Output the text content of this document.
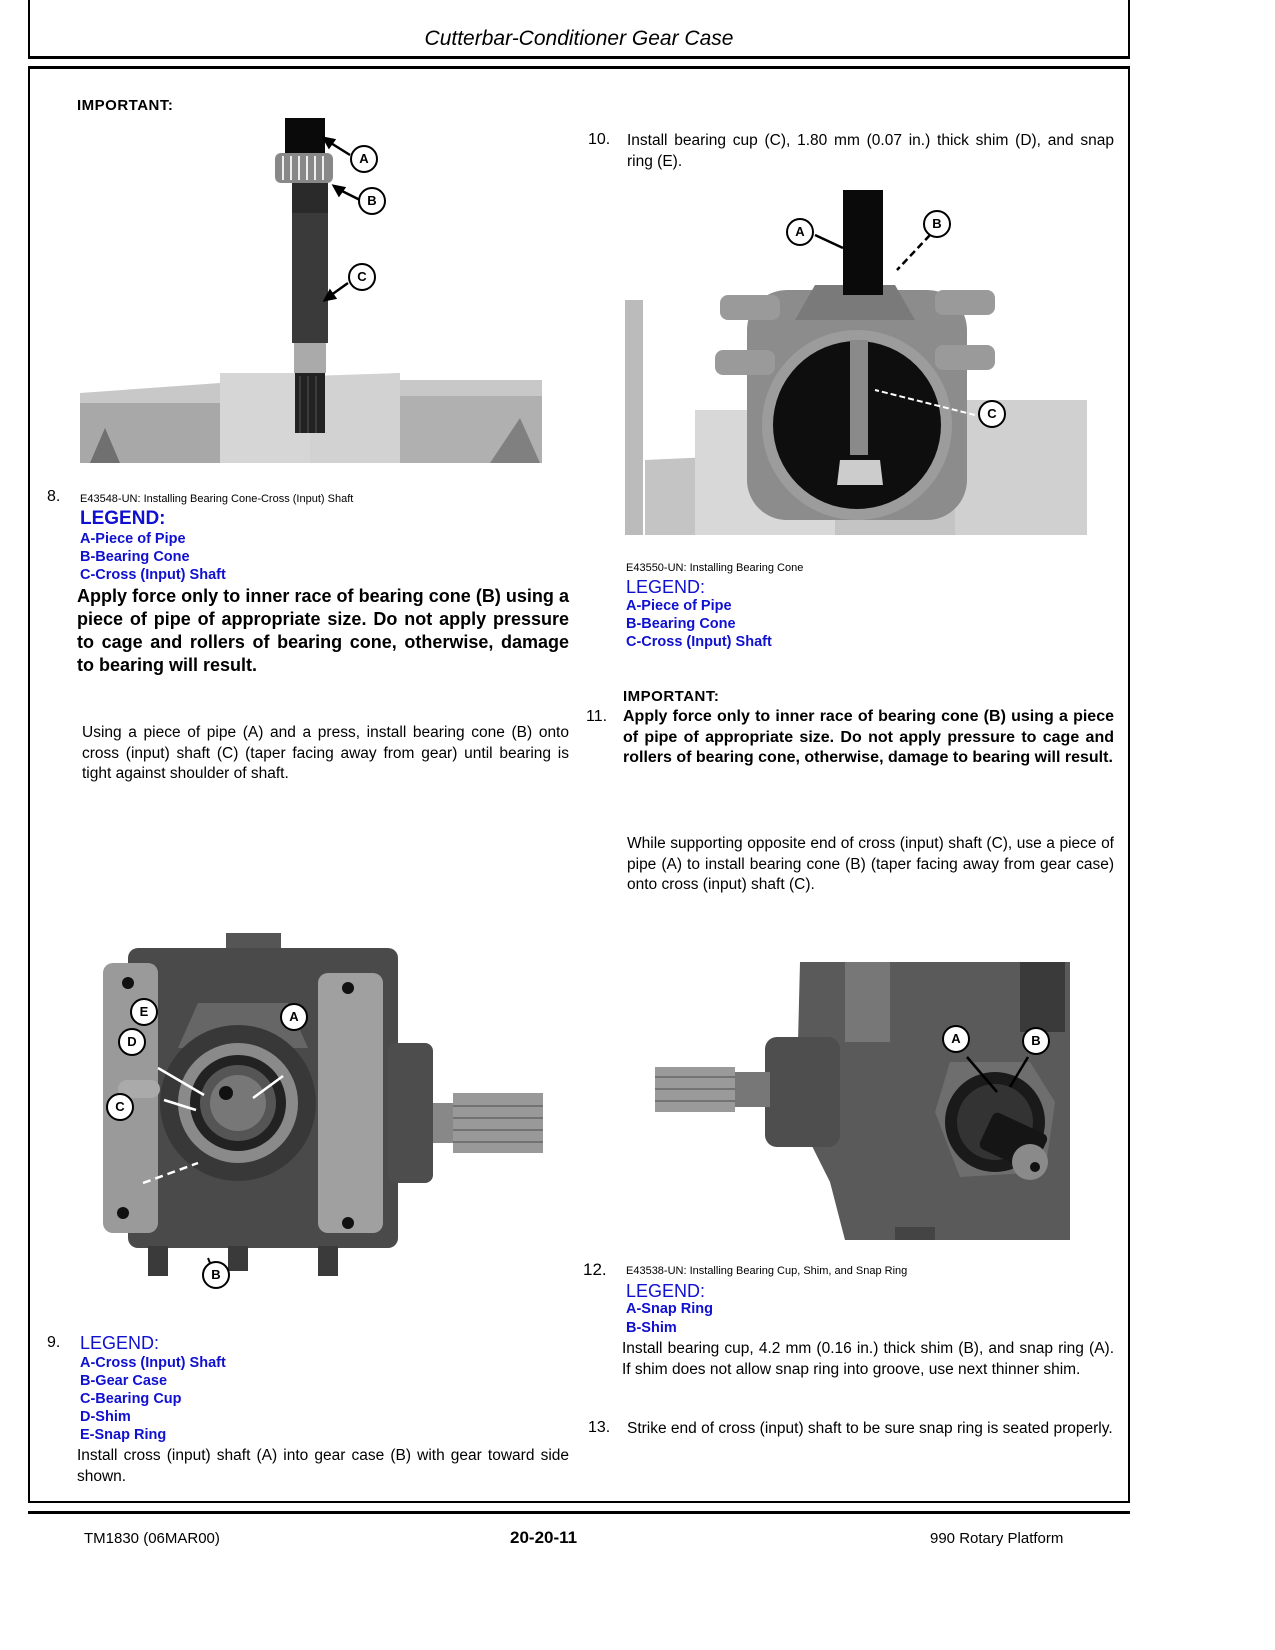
Cutterbar-Conditioner Gear Case
IMPORTANT:
A
B
C
8. E43548-UN: Installing Bearing Cone-Cross (Input) Shaft
LEGEND:
A-Piece of Pipe
B-Bearing Cone
C-Cross (Input) Shaft
Apply force only to inner race of bearing cone (B) using a piece of pipe of appropriate size. Do not apply pressure to cage and rollers of bearing cone, otherwise, damage to bearing will result.
Using a piece of pipe (A) and a press, install bearing cone (B) onto cross (input) shaft (C) (taper facing away from gear) until bearing is tight against shoulder of shaft.
E
D
A
C
B
9. LEGEND:
A-Cross (Input) Shaft
B-Gear Case
C-Bearing Cup
D-Shim
E-Snap Ring
Install cross (input) shaft (A) into gear case (B) with gear toward side shown.
10. Install bearing cup (C), 1.80 mm (0.07 in.) thick shim (D), and snap ring (E).
A
B
C
E43550-UN: Installing Bearing Cone
LEGEND:
A-Piece of Pipe
B-Bearing Cone
C-Cross (Input) Shaft
IMPORTANT:
11. Apply force only to inner race of bearing cone (B) using a piece of pipe of appropriate size. Do not apply pressure to cage and rollers of bearing cone, otherwise, damage to bearing will result.
While supporting opposite end of cross (input) shaft (C), use a piece of pipe (A) to install bearing cone (B) (taper facing away from gear case) onto cross (input) shaft (C).
A	B
12. E43538-UN: Installing Bearing Cup, Shim, and Snap Ring
LEGEND:
A-Snap Ring
B-Shim
Install bearing cup, 4.2 mm (0.16 in.) thick shim (B), and snap ring (A). If shim does not allow snap ring into groove, use next thinner shim.
13. Strike end of cross (input) shaft to be sure snap ring is seated properly.
TM1830 (06MAR00)	20-20-11	990 Rotary Platform
